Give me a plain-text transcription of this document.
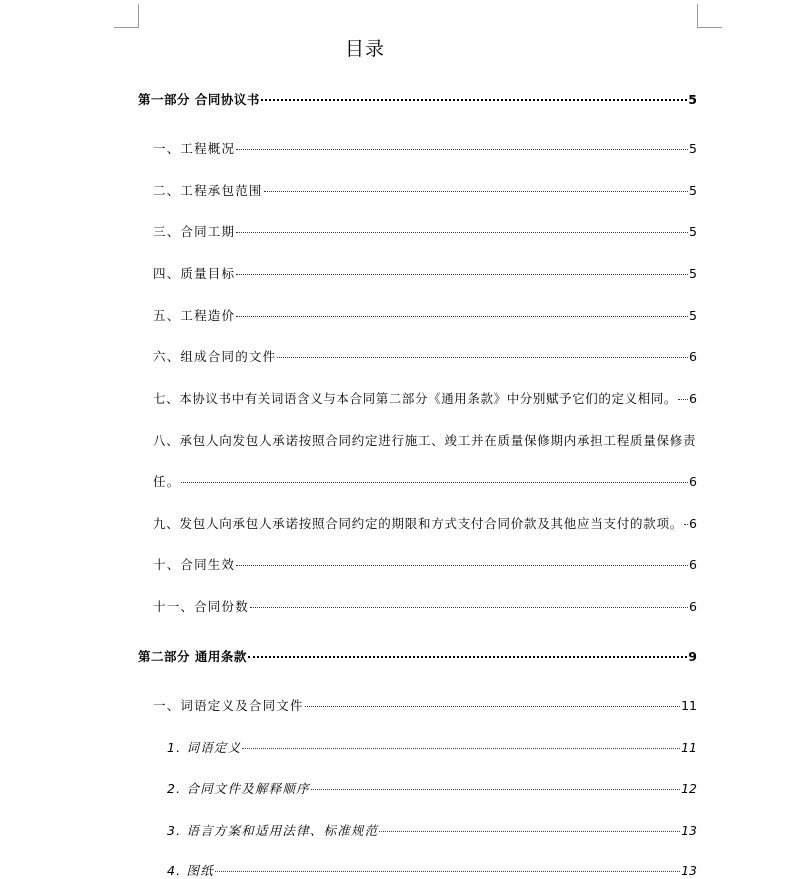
目录
第一部分 合同协议书	5
一、工程概况	5
二、工程承包范围	5
三、合同工期	5
四、质量目标	5
五、工程造价	5
六、组成合同的文件	6
七、本协议书中有关词语含义与本合同第二部分《通用条款》中分别赋予它们的定义相同。 6
八、承包人向发包人承诺按照合同约定进行施工、竣工并在质量保修期内承担工程质量保修责
任。	6
九、发包人向承包人承诺按照合同约定的期限和方式支付合同价款及其他应当支付的款项。 6
十、合同生效	6
十一、合同份数	6
第二部分 通用条款	9
一、词语定义及合同文件	11
1. 词语定义	11
2. 合同文件及解释顺序	12
3. 语言方案和适用法律、标准规范	13
4. 图纸	13
